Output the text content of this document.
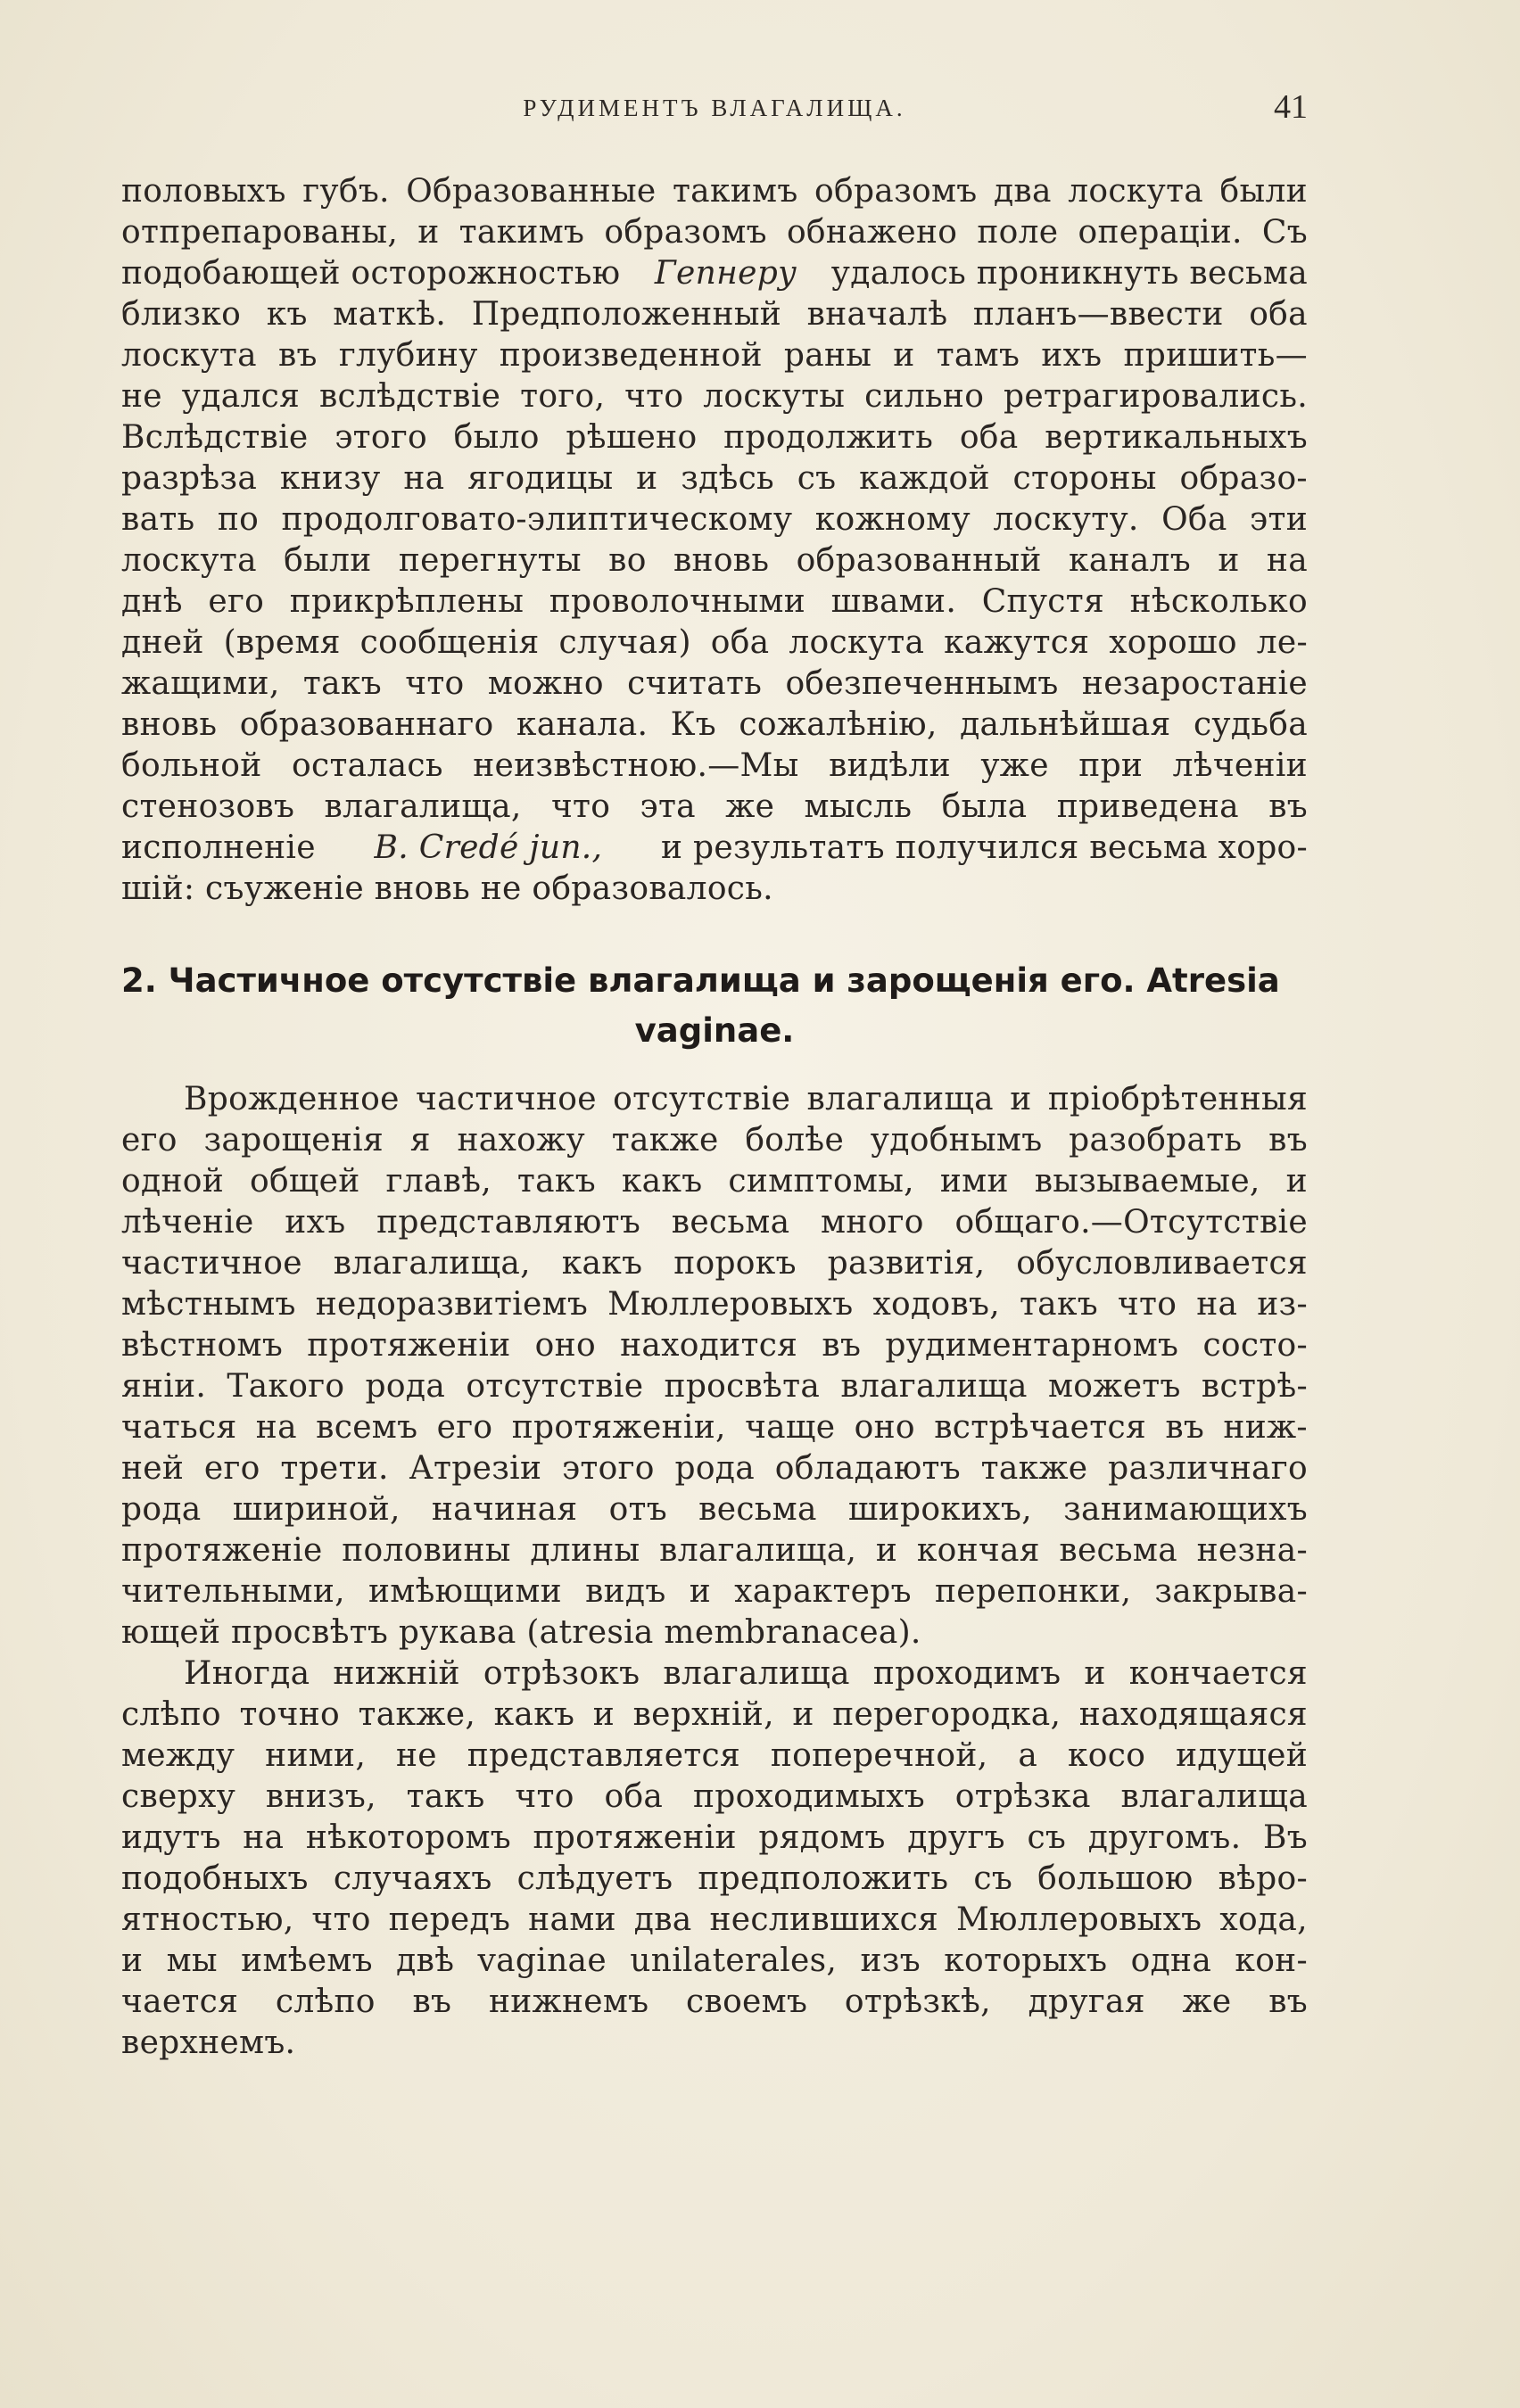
РУДИМЕНТЪ ВЛАГАЛИЩА.	41
половыхъ губъ. Образованные такимъ образомъ два лоскута были
отпрепарованы, и такимъ образомъ обнажено поле операціи. Съ
подобающей осторожностью Гепнеру удалось проникнуть весьма
близко къ маткѣ. Предположенный вначалѣ планъ—ввести оба
лоскута въ глубину произведенной раны и тамъ ихъ пришить—
не удался вслѣдствіе того, что лоскуты сильно ретрагировались.
Вслѣдствіе этого было рѣшено продолжить оба вертикальныхъ
разрѣза книзу на ягодицы и здѣсь съ каждой стороны образо-
вать по продолговато-элиптическому кожному лоскуту. Оба эти
лоскута были перегнуты во вновь образованный каналъ и на
днѣ его прикрѣплены проволочными швами. Спустя нѣсколько
дней (время сообщенія случая) оба лоскута кажутся хорошо ле-
жащими, такъ что можно считать обезпеченнымъ незаростаніе
вновь образованнаго канала. Къ сожалѣнію, дальнѣйшая судьба
больной осталась неизвѣстною.—Мы видѣли уже при лѣченіи
стенозовъ влагалища, что эта же мысль была приведена въ
исполненіе B. Credé jun., и результатъ получился весьма хоро-
шій: съуженіе вновь не образовалось.
2. Частичное отсутствіе влагалища и зарощенія его. Atresia
vaginae.
Врожденное частичное отсутствіе влагалища и пріобрѣтенныя
его зарощенія я нахожу также болѣе удобнымъ разобрать въ
одной общей главѣ, такъ какъ симптомы, ими вызываемые, и
лѣченіе ихъ представляютъ весьма много общаго.—Отсутствіе
частичное влагалища, какъ порокъ развитія, обусловливается
мѣстнымъ недоразвитіемъ Мюллеровыхъ ходовъ, такъ что на из-
вѣстномъ протяженіи оно находится въ рудиментарномъ состо-
яніи. Такого рода отсутствіе просвѣта влагалища можетъ встрѣ-
чаться на всемъ его протяженіи, чаще оно встрѣчается въ ниж-
ней его трети. Атрезіи этого рода обладаютъ также различнаго
рода шириной, начиная отъ весьма широкихъ, занимающихъ
протяженіе половины длины влагалища, и кончая весьма незна-
чительными, имѣющими видъ и характеръ перепонки, закрыва-
ющей просвѣтъ рукава (atresia membranacea).
Иногда нижній отрѣзокъ влагалища проходимъ и кончается
слѣпо точно также, какъ и верхній, и перегородка, находящаяся
между ними, не представляется поперечной, а косо идущей
сверху внизъ, такъ что оба проходимыхъ отрѣзка влагалища
идутъ на нѣкоторомъ протяженіи рядомъ другъ съ другомъ. Въ
подобныхъ случаяхъ слѣдуетъ предположить съ большою вѣро-
ятностью, что передъ нами два неслившихся Мюллеровыхъ хода,
и мы имѣемъ двѣ vaginae unilaterales, изъ которыхъ одна кон-
чается слѣпо въ нижнемъ своемъ отрѣзкѣ, другая же въ
верхнемъ.
